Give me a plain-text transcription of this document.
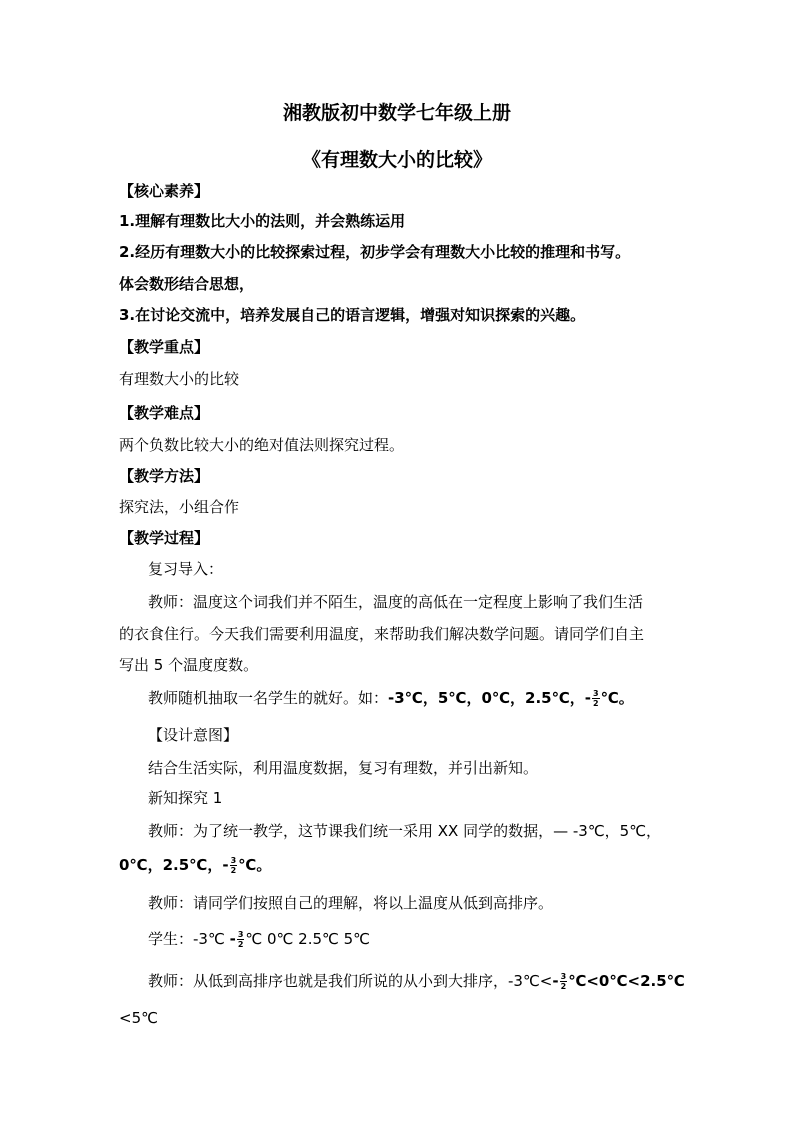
湘教版初中数学七年级上册
《有理数大小的比较》
【核心素养】
1.理解有理数比大小的法则，并会熟练运用
2.经历有理数大小的比较探索过程，初步学会有理数大小比较的推理和书写。
体会数形结合思想，
3.在讨论交流中，培养发展自己的语言逻辑，增强对知识探索的兴趣。
【教学重点】
有理数大小的比较
【教学难点】
两个负数比较大小的绝对值法则探究过程。
【教学方法】
探究法，小组合作
【教学过程】
复习导入：
教师：温度这个词我们并不陌生，温度的高低在一定程度上影响了我们生活
的衣食住行。今天我们需要利用温度，来帮助我们解决数学问题。请同学们自主
写出 5 个温度度数。
教师随机抽取一名学生的就好。如：-3℃，5℃，0℃，2.5℃，- $\frac{3}{2}$ ℃。
【设计意图】
结合生活实际，利用温度数据，复习有理数，并引出新知。
新知探究 1
教师：为了统一教学，这节课我们统一采用 XX 同学的数据，— -3℃，5℃，
0℃，2.5℃，- $\frac{3}{2}$ ℃。
教师：请同学们按照自己的理解，将以上温度从低到高排序。
学生：-3℃ - $\frac{3}{2}$ ℃ 0℃ 2.5℃ 5℃
教师：从低到高排序也就是我们所说的从小到大排序，-3℃<- $\frac{3}{2}$ ℃<0℃<2.5℃
<5℃
